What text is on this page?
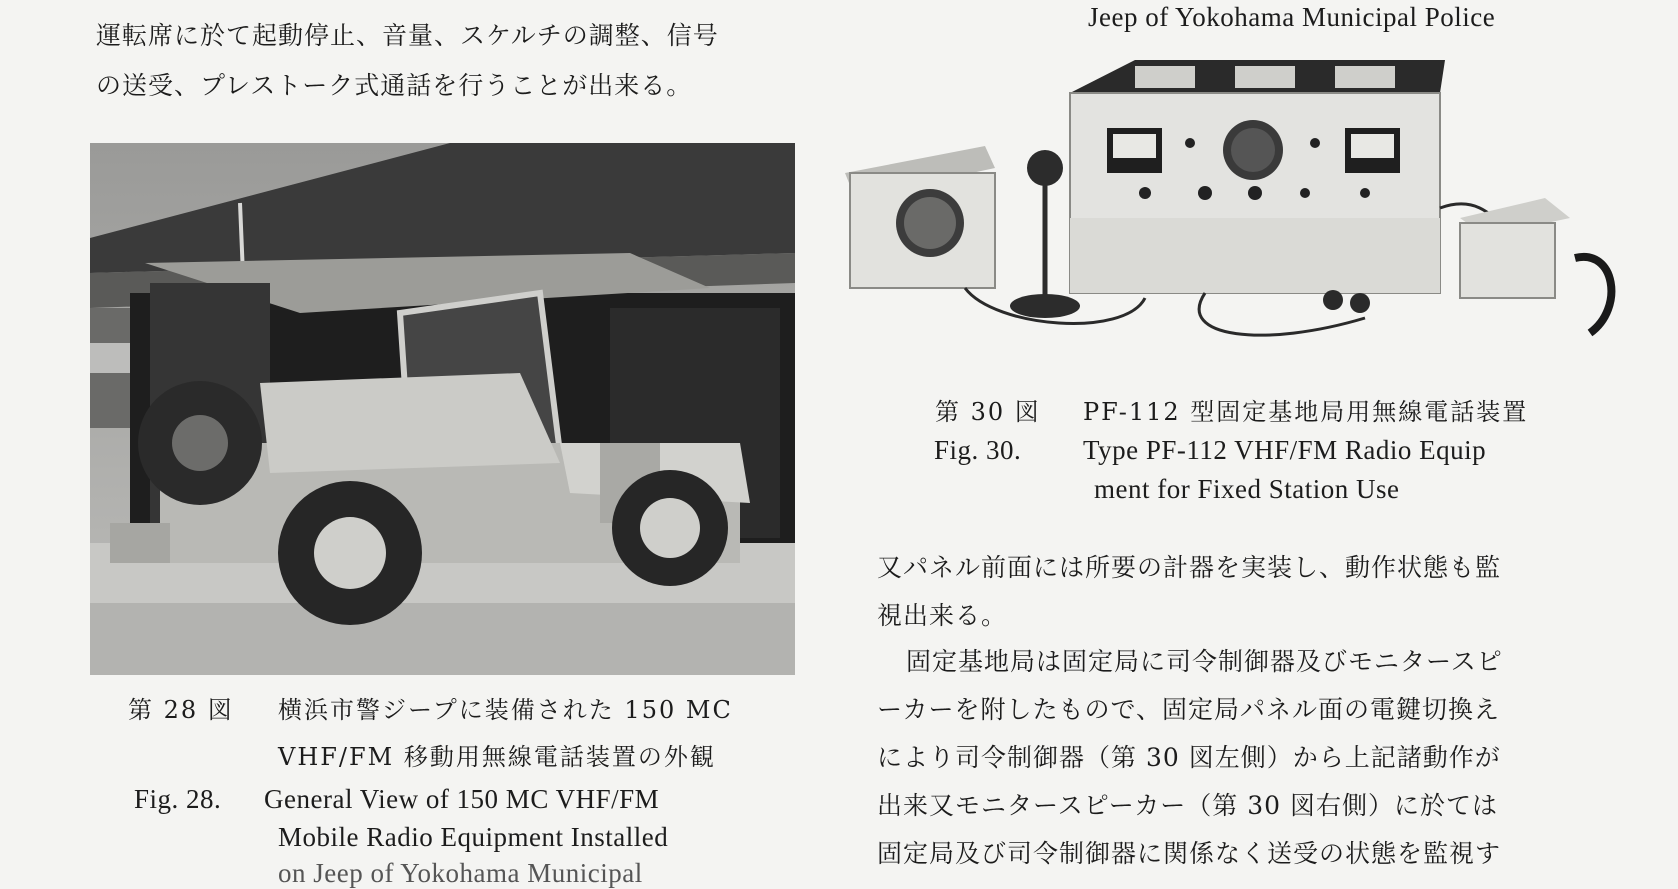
運転席に於て起動停止、音量、スケルチの調整、信号
の送受、プレストーク式通話を行うことが出来る。
第 28 図 横浜市警ジープに装備された 150 MC
VHF/FM 移動用無線電話装置の外観
Fig. 28. General View of 150 MC VHF/FM
Mobile Radio Equipment Installed
on Jeep of Yokohama Municipal
Jeep of Yokohama Municipal Police
第 30 図 PF-112 型固定基地局用無線電話装置
Fig. 30. Type PF-112 VHF/FM Radio Equip
ment for Fixed Station Use
又パネル前面には所要の計器を実装し、動作状態も監
視出来る。
固定基地局は固定局に司令制御器及びモニタースピ
ーカーを附したもので、固定局パネル面の電鍵切換え
により司令制御器（第 30 図左側）から上記諸動作が
出来又モニタースピーカー（第 30 図右側）に於ては
固定局及び司令制御器に関係なく送受の状態を監視す
